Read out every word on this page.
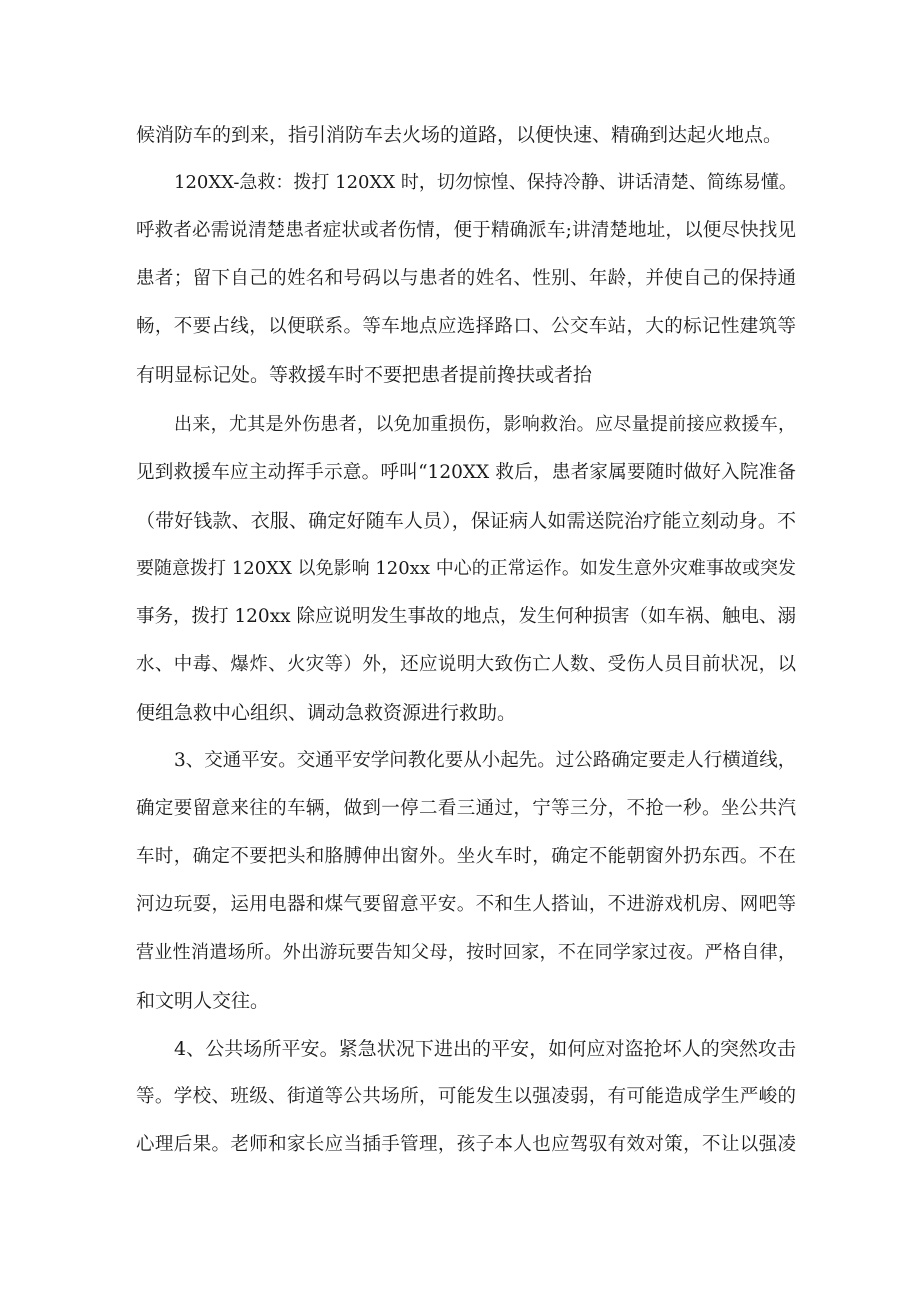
候消防车的到来，指引消防车去火场的道路，以便快速、精确到达起火地点。
120XX-急救：拨打 120XX 时，切勿惊惶、保持冷静、讲话清楚、简练易懂。
呼救者必需说清楚患者症状或者伤情，便于精确派车;讲清楚地址，以便尽快找见
患者；留下自己的姓名和号码以与患者的姓名、性别、年龄，并使自己的保持通
畅，不要占线，以便联系。等车地点应选择路口、公交车站，大的标记性建筑等
有明显标记处。等救援车时不要把患者提前搀扶或者抬
出来，尤其是外伤患者，以免加重损伤，影响救治。应尽量提前接应救援车，
见到救援车应主动挥手示意。呼叫“120XX 救后，患者家属要随时做好入院准备
（带好钱款、衣服、确定好随车人员），保证病人如需送院治疗能立刻动身。不
要随意拨打 120XX 以免影响 120xx 中心的正常运作。如发生意外灾难事故或突发
事务，拨打 120xx 除应说明发生事故的地点，发生何种损害（如车祸、触电、溺
水、中毒、爆炸、火灾等）外，还应说明大致伤亡人数、受伤人员目前状况，以
便组急救中心组织、调动急救资源进行救助。
3、交通平安。交通平安学问教化要从小起先。过公路确定要走人行横道线，
确定要留意来往的车辆，做到一停二看三通过，宁等三分，不抢一秒。坐公共汽
车时，确定不要把头和胳膊伸出窗外。坐火车时，确定不能朝窗外扔东西。不在
河边玩耍，运用电器和煤气要留意平安。不和生人搭讪，不进游戏机房、网吧等
营业性消遣场所。外出游玩要告知父母，按时回家，不在同学家过夜。严格自律，
和文明人交往。
4、公共场所平安。紧急状况下进出的平安，如何应对盗抢坏人的突然攻击
等。学校、班级、街道等公共场所，可能发生以强凌弱，有可能造成学生严峻的
心理后果。老师和家长应当插手管理，孩子本人也应驾驭有效对策，不让以强凌
